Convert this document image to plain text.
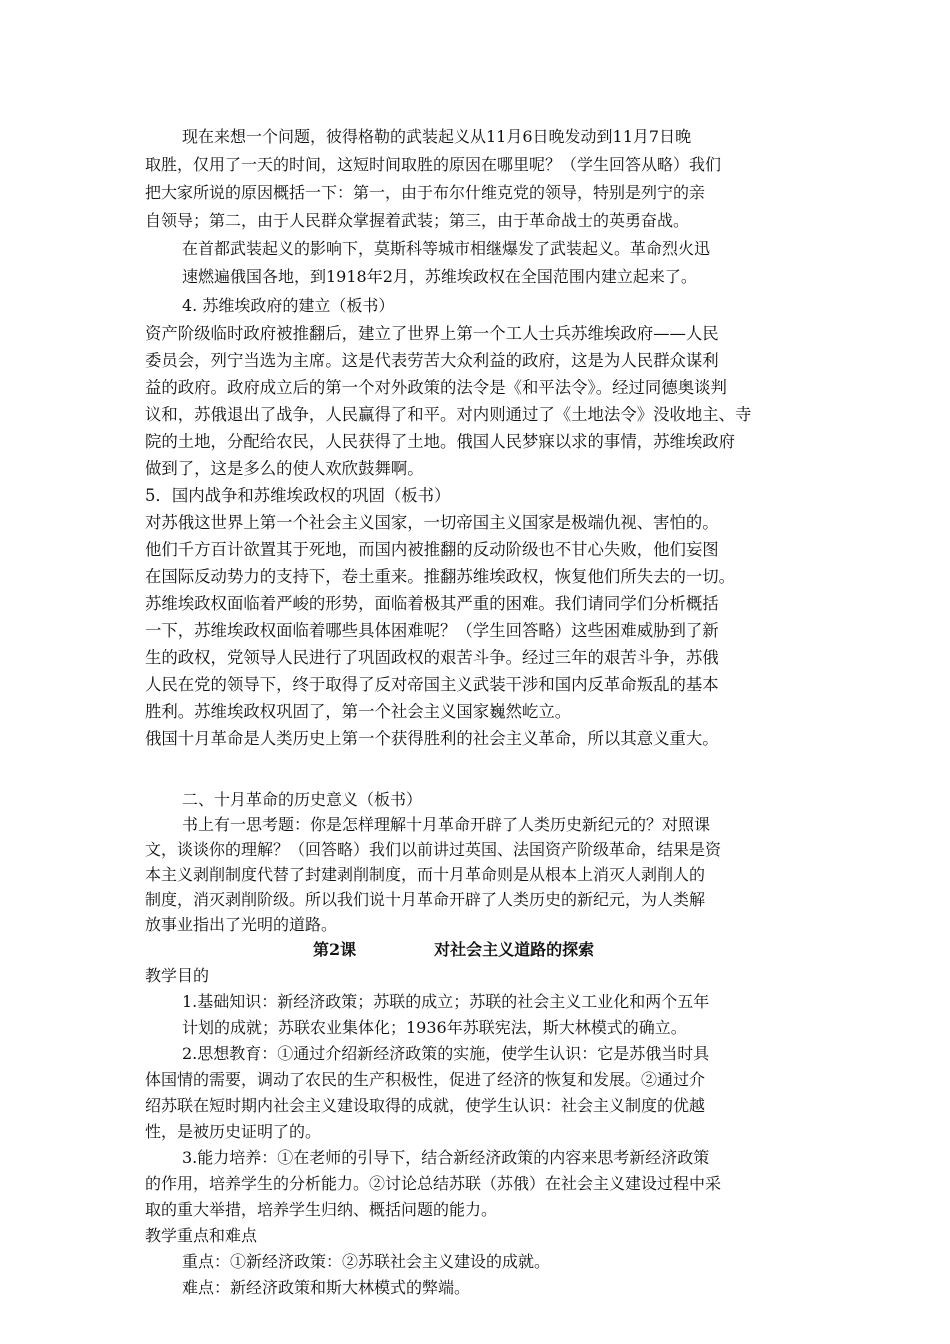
现在来想一个问题，彼得格勒的武装起义从11月6日晚发动到11月7日晚
取胜，仅用了一天的时间，这短时间取胜的原因在哪里呢？（学生回答从略）我们
把大家所说的原因概括一下：第一，由于布尔什维克党的领导，特别是列宁的亲
自领导；第二，由于人民群众掌握着武装；第三，由于革命战士的英勇奋战。
在首都武装起义的影响下，莫斯科等城市相继爆发了武装起义。革命烈火迅
速燃遍俄国各地，到1918年2月，苏维埃政权在全国范围内建立起来了。
4. 苏维埃政府的建立（板书）
资产阶级临时政府被推翻后，建立了世界上第一个工人士兵苏维埃政府——人民
委员会，列宁当选为主席。这是代表劳苦大众利益的政府，这是为人民群众谋利
益的政府。政府成立后的第一个对外政策的法令是《和平法令》。经过同德奥谈判
议和，苏俄退出了战争，人民赢得了和平。对内则通过了《土地法令》没收地主、寺
院的土地，分配给农民，人民获得了土地。俄国人民梦寐以求的事情，苏维埃政府
做到了，这是多么的使人欢欣鼓舞啊。
5．国内战争和苏维埃政权的巩固（板书）
对苏俄这世界上第一个社会主义国家，一切帝国主义国家是极端仇视、害怕的。
他们千方百计欲置其于死地，而国内被推翻的反动阶级也不甘心失败，他们妄图
在国际反动势力的支持下，卷土重来。推翻苏维埃政权，恢复他们所失去的一切。
苏维埃政权面临着严峻的形势，面临着极其严重的困难。我们请同学们分析概括
一下，苏维埃政权面临着哪些具体困难呢？（学生回答略）这些困难威胁到了新
生的政权，党领导人民进行了巩固政权的艰苦斗争。经过三年的艰苦斗争，苏俄
人民在党的领导下，终于取得了反对帝国主义武装干涉和国内反革命叛乱的基本
胜利。苏维埃政权巩固了，第一个社会主义国家巍然屹立。
俄国十月革命是人类历史上第一个获得胜利的社会主义革命，所以其意义重大。
二、十月革命的历史意义（板书）
书上有一思考题：你是怎样理解十月革命开辟了人类历史新纪元的？对照课
文，谈谈你的理解？（回答略）我们以前讲过英国、法国资产阶级革命，结果是资
本主义剥削制度代替了封建剥削制度，而十月革命则是从根本上消灭人剥削人的
制度，消灭剥削阶级。所以我们说十月革命开辟了人类历史的新纪元，为人类解
放事业指出了光明的道路。
第2课	对社会主义道路的探索
教学目的
1.基础知识：新经济政策；苏联的成立；苏联的社会主义工业化和两个五年
计划的成就；苏联农业集体化；1936年苏联宪法，斯大林模式的确立。
2.思想教育：①通过介绍新经济政策的实施，使学生认识：它是苏俄当时具
体国情的需要，调动了农民的生产积极性，促进了经济的恢复和发展。②通过介
绍苏联在短时期内社会主义建设取得的成就，使学生认识：社会主义制度的优越
性，是被历史证明了的。
3.能力培养：①在老师的引导下，结合新经济政策的内容来思考新经济政策
的作用，培养学生的分析能力。②讨论总结苏联（苏俄）在社会主义建设过程中采
取的重大举措，培养学生归纳、概括问题的能力。
教学重点和难点
重点：①新经济政策：②苏联社会主义建设的成就。
难点：新经济政策和斯大林模式的弊端。
